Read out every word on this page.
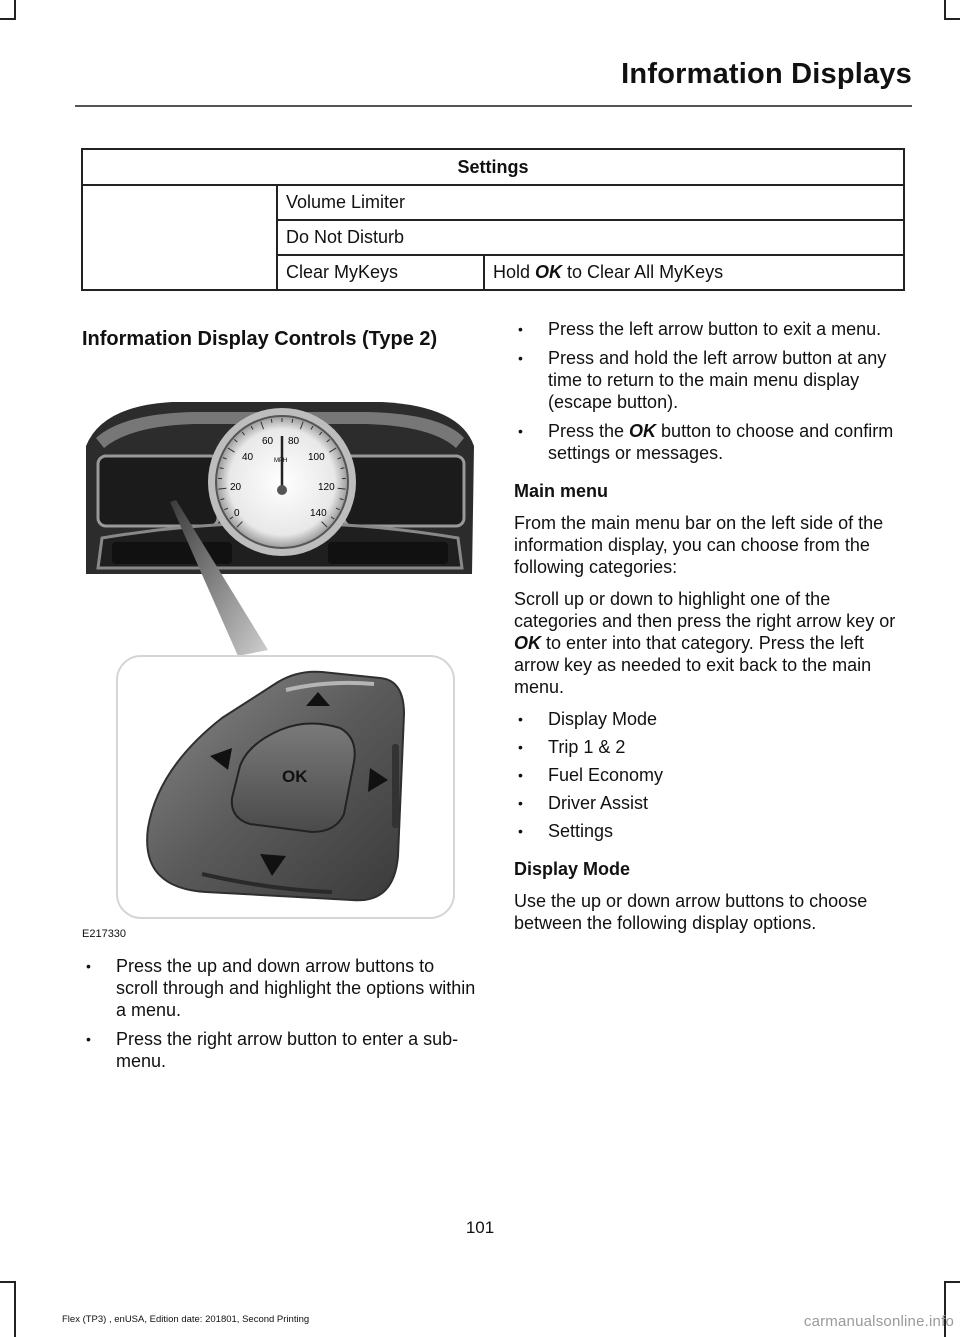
Information Displays
Settings		
	Volume Limiter	
	Do Not Disturb	
	Clear MyKeys	Hold OK to Clear All MyKeys
Information Display Controls (Type 2)
0
20
40
60 80
100
120
140
MPH
OK
E217330
• Press the up and down arrow buttons to scroll through and highlight the options within a menu.
• Press the right arrow button to enter a sub-menu.
• Press the left arrow button to exit a menu.
• Press and hold the left arrow button at any time to return to the main menu display (escape button).
• Press the OK button to choose and confirm settings or messages.
Main menu

From the main menu bar on the left side of the information display, you can choose from the following categories:

Scroll up or down to highlight one of the categories and then press the right arrow key or OK to enter into that category. Press the left arrow key as needed to exit back to the main menu.

• Display Mode
• Trip 1 & 2
• Fuel Economy
• Driver Assist
• Settings
Display Mode

Use the up or down arrow buttons to choose between the following display options.

101
Flex (TP3) , enUSA, Edition date: 201801, Second Printing	carmanualsonline.info
